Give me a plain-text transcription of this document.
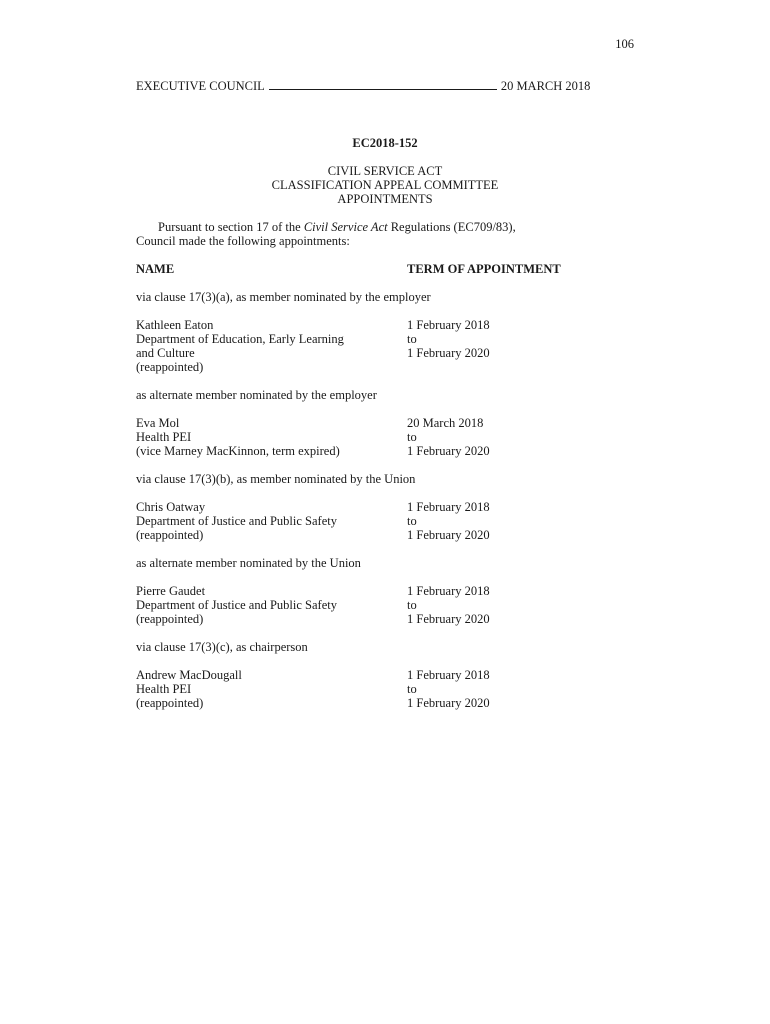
106
EXECUTIVE COUNCIL	20 MARCH 2018
EC2018-152
CIVIL SERVICE ACT
CLASSIFICATION APPEAL COMMITTEE
APPOINTMENTS
Pursuant to section 17 of the Civil Service Act Regulations (EC709/83),
Council made the following appointments:
NAME	TERM OF APPOINTMENT
via clause 17(3)(a), as member nominated by the employer
Kathleen Eaton
Department of Education, Early Learning
and Culture
(reappointed)
1 February 2018
to
1 February 2020
as alternate member nominated by the employer
Eva Mol
Health PEI
(vice Marney MacKinnon, term expired)
20 March 2018
to
1 February 2020
via clause 17(3)(b), as member nominated by the Union
Chris Oatway
Department of Justice and Public Safety
(reappointed)
1 February 2018
to
1 February 2020
as alternate member nominated by the Union
Pierre Gaudet
Department of Justice and Public Safety
(reappointed)
1 February 2018
to
1 February 2020
via clause 17(3)(c), as chairperson
Andrew MacDougall
Health PEI
(reappointed)
1 February 2018
to
1 February 2020
